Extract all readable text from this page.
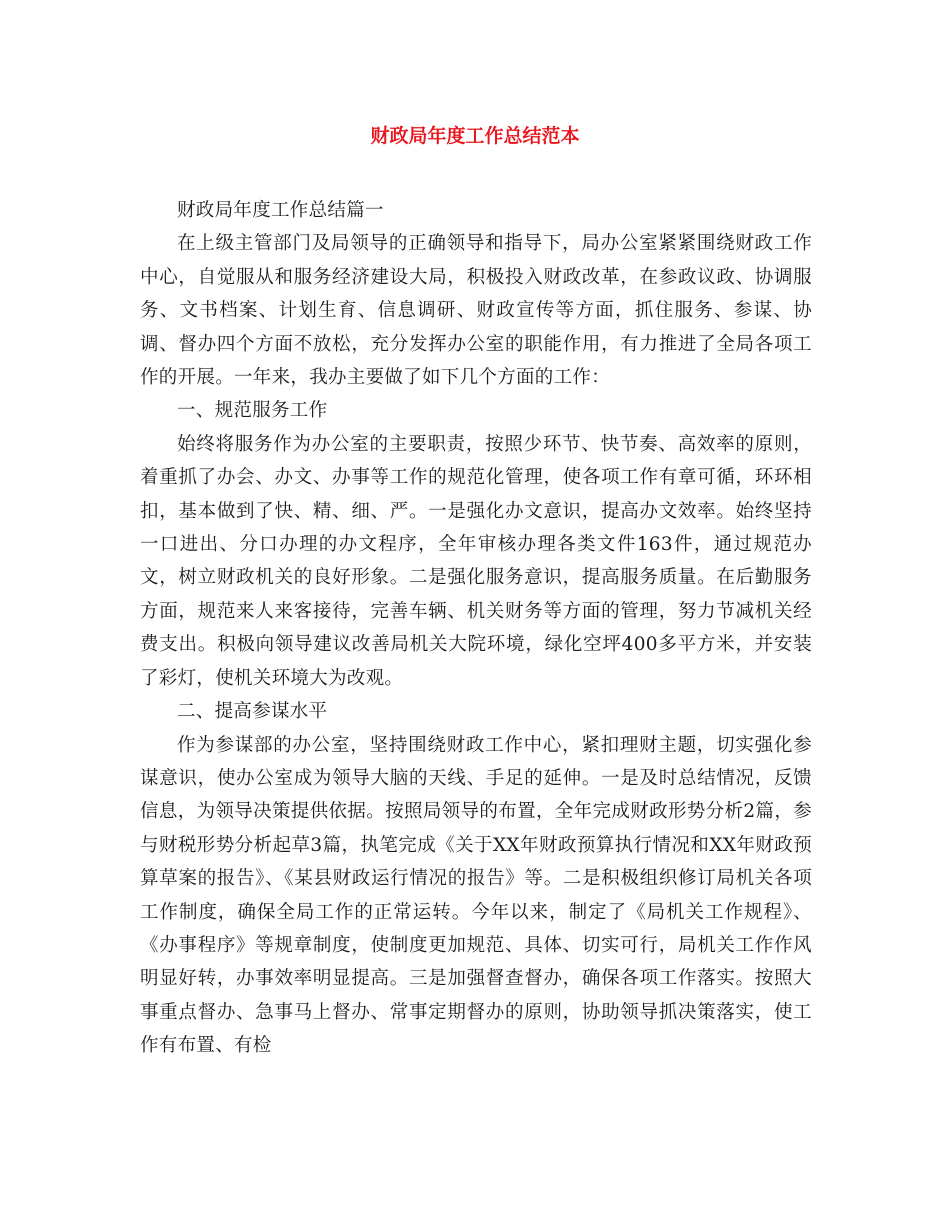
财政局年度工作总结范本

财政局年度工作总结篇一

在上级主管部门及局领导的正确领导和指导下，局办公室紧紧围绕财政工作中心，自觉服从和服务经济建设大局，积极投入财政改革，在参政议政、协调服务、文书档案、计划生育、信息调研、财政宣传等方面，抓住服务、参谋、协调、督办四个方面不放松，充分发挥办公室的职能作用，有力推进了全局各项工作的开展。一年来，我办主要做了如下几个方面的工作：

一、规范服务工作

始终将服务作为办公室的主要职责，按照少环节、快节奏、高效率的原则，着重抓了办会、办文、办事等工作的规范化管理，使各项工作有章可循，环环相扣，基本做到了快、精、细、严。一是强化办文意识，提高办文效率。始终坚持一口进出、分口办理的办文程序，全年审核办理各类文件163件，通过规范办文，树立财政机关的良好形象。二是强化服务意识，提高服务质量。在后勤服务方面，规范来人来客接待，完善车辆、机关财务等方面的管理，努力节减机关经费支出。积极向领导建议改善局机关大院环境，绿化空坪400多平方米，并安装了彩灯，使机关环境大为改观。

二、提高参谋水平

作为参谋部的办公室，坚持围绕财政工作中心，紧扣理财主题，切实强化参谋意识，使办公室成为领导大脑的天线、手足的延伸。一是及时总结情况，反馈信息，为领导决策提供依据。按照局领导的布置，全年完成财政形势分析2篇，参与财税形势分析起草3篇，执笔完成《关于XX年财政预算执行情况和XX年财政预算草案的报告》、《某县财政运行情况的报告》等。二是积极组织修订局机关各项工作制度，确保全局工作的正常运转。今年以来，制定了《局机关工作规程》、《办事程序》等规章制度，使制度更加规范、具体、切实可行，局机关工作作风明显好转，办事效率明显提高。三是加强督查督办，确保各项工作落实。按照大事重点督办、急事马上督办、常事定期督办的原则，协助领导抓决策落实，使工作有布置、有检
